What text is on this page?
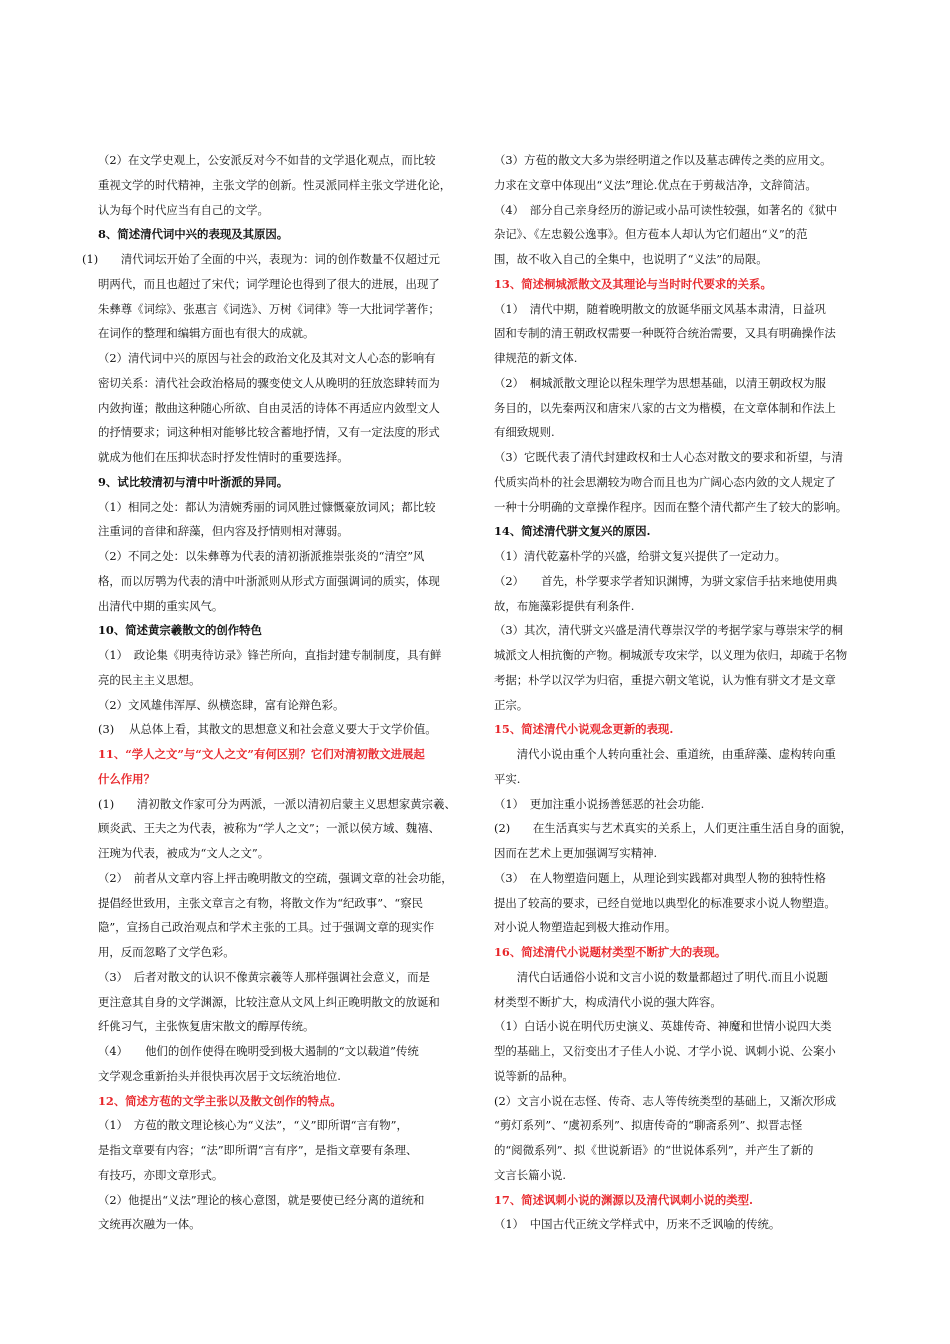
（2）在文学史观上，公安派反对今不如昔的文学退化观点，而比较
重视文学的时代精神，主张文学的创新。性灵派同样主张文学进化论，
认为每个时代应当有自己的文学。
8、简述清代词中兴的表现及其原因。
(1)　　清代词坛开始了全面的中兴，表现为：词的创作数量不仅超过元
明两代，而且也超过了宋代；词学理论也得到了很大的进展，出现了
朱彝尊《词综》、张惠言《词选》、万树《词律》等一大批词学著作；
在词作的整理和编辑方面也有很大的成就。
（2）清代词中兴的原因与社会的政治文化及其对文人心态的影响有
密切关系：清代社会政治格局的骤变使文人从晚明的狂放恣肆转而为
内敛拘谨；散曲这种随心所欲、自由灵活的诗体不再适应内敛型文人
的抒情要求；词这种相对能够比较含蓄地抒情，又有一定法度的形式
就成为他们在压抑状态时抒发性情时的重要选择。
9、试比较清初与清中叶浙派的异同。
（1）相同之处：都认为清婉秀丽的词风胜过慷慨豪放词风；都比较
注重词的音律和辞藻，但内容及抒情则相对薄弱。
（2）不同之处：以朱彝尊为代表的清初浙派推崇张炎的“清空”风
格，而以厉鹗为代表的清中叶浙派则从形式方面强调词的质实，体现
出清代中期的重实风气。
10、简述黄宗羲散文的创作特色
（1）　政论集《明夷待访录》锋芒所向，直指封建专制制度，具有鲜
亮的民主主义思想。
（2）文风雄伟浑厚、纵横恣肆，富有论辩色彩。
(3)　 从总体上看，其散文的思想意义和社会意义要大于文学价值。
11、“学人之文”与“文人之文”有何区别？它们对清初散文进展起
什么作用？
(1)　　清初散文作家可分为两派，一派以清初启蒙主义思想家黄宗羲、
顾炎武、王夫之为代表，被称为“学人之文”；一派以侯方域、魏禧、
汪琬为代表，被成为“文人之文”。
（2）　前者从文章内容上抨击晚明散文的空疏，强调文章的社会功能，
提倡经世致用，主张文章言之有物，将散文作为“纪政事”、“察民
隐”，宣扬自己政治观点和学术主张的工具。过于强调文章的现实作
用，反而忽略了文学色彩。
（3）　后者对散文的认识不像黄宗羲等人那样强调社会意义，而是
更注意其自身的文学渊源，比较注意从文风上纠正晚明散文的放诞和
纤佻习气，主张恢复唐宋散文的醇厚传统。
（4）　　他们的创作使得在晚明受到极大遏制的“文以载道”传统
文学观念重新抬头并很快再次居于文坛统治地位.
12、简述方苞的文学主张以及散文创作的特点。
（1）　方苞的散文理论核心为“义法”，“义”即所谓“言有物”，
是指文章要有内容；“法”即所谓“言有序”，是指文章要有条理、
有技巧，亦即文章形式。
（2）他提出“义法”理论的核心意图，就是要使已经分离的道统和
文统再次融为一体。
（3）方苞的散文大多为崇经明道之作以及墓志碑传之类的应用文。
力求在文章中体现出“义法”理论.优点在于剪裁洁净，文辞简洁。
（4）　部分自己亲身经历的游记或小品可读性较强，如著名的《狱中
杂记》、《左忠毅公逸事》。但方苞本人却认为它们超出“义”的范
围，故不收入自己的全集中，也说明了“义法”的局限。
13、简述桐城派散文及其理论与当时时代要求的关系。
（1）　清代中期，随着晚明散文的放诞华丽文风基本肃清，日益巩
固和专制的清王朝政权需要一种既符合统治需要，又具有明确操作法
律规范的新文体.
（2）　桐城派散文理论以程朱理学为思想基础，以清王朝政权为服
务目的，以先秦两汉和唐宋八家的古文为楷模，在文章体制和作法上
有细致规则.
（3）它既代表了清代封建政权和士人心态对散文的要求和祈望，与清
代质实尚朴的社会思潮较为吻合而且也为广阔心态内敛的文人规定了
一种十分明确的文章操作程序。因而在整个清代都产生了较大的影响。
14、简述清代骈文复兴的原因.
（1）清代乾嘉朴学的兴盛，给骈文复兴提供了一定动力。
（2）　　首先，朴学要求学者知识渊博，为骈文家信手拈来地使用典
故，布施藻彩提供有利条件.
（3）其次，清代骈文兴盛是清代尊崇汉学的考据学家与尊崇宋学的桐
城派文人相抗衡的产物。桐城派专攻宋学，以义理为依归，却疏于名物
考据；朴学以汉学为归宿，重提六朝文笔说，认为惟有骈文才是文章
正宗。
15、简述清代小说观念更新的表现.
　　清代小说由重个人转向重社会、重道统，由重辞藻、虚构转向重
平实.
（1）　更加注重小说扬善惩恶的社会功能.
(2)　　在生活真实与艺术真实的关系上，人们更注重生活自身的面貌，
因而在艺术上更加强调写实精神.
（3）　在人物塑造问题上，从理论到实践都对典型人物的独特性格
提出了较高的要求，已经自觉地以典型化的标准要求小说人物塑造。
对小说人物塑造起到极大推动作用。
16、简述清代小说题材类型不断扩大的表现。
　　清代白话通俗小说和文言小说的数量都超过了明代.而且小说题
材类型不断扩大，构成清代小说的强大阵容。
（1）白话小说在明代历史演义、英雄传奇、神魔和世情小说四大类
型的基础上，又衍变出才子佳人小说、才学小说、讽刺小说、公案小
说等新的品种。
(2）文言小说在志怪、传奇、志人等传统类型的基础上，又渐次形成
“剪灯系列”、“虞初系列”、拟唐传奇的“聊斋系列”、拟晋志怪
的“阅微系列”、拟《世说新语》的“世说体系列”，并产生了新的
文言长篇小说.
17、简述讽刺小说的渊源以及清代讽刺小说的类型.
（1）　中国古代正统文学样式中，历来不乏讽喻的传统。
